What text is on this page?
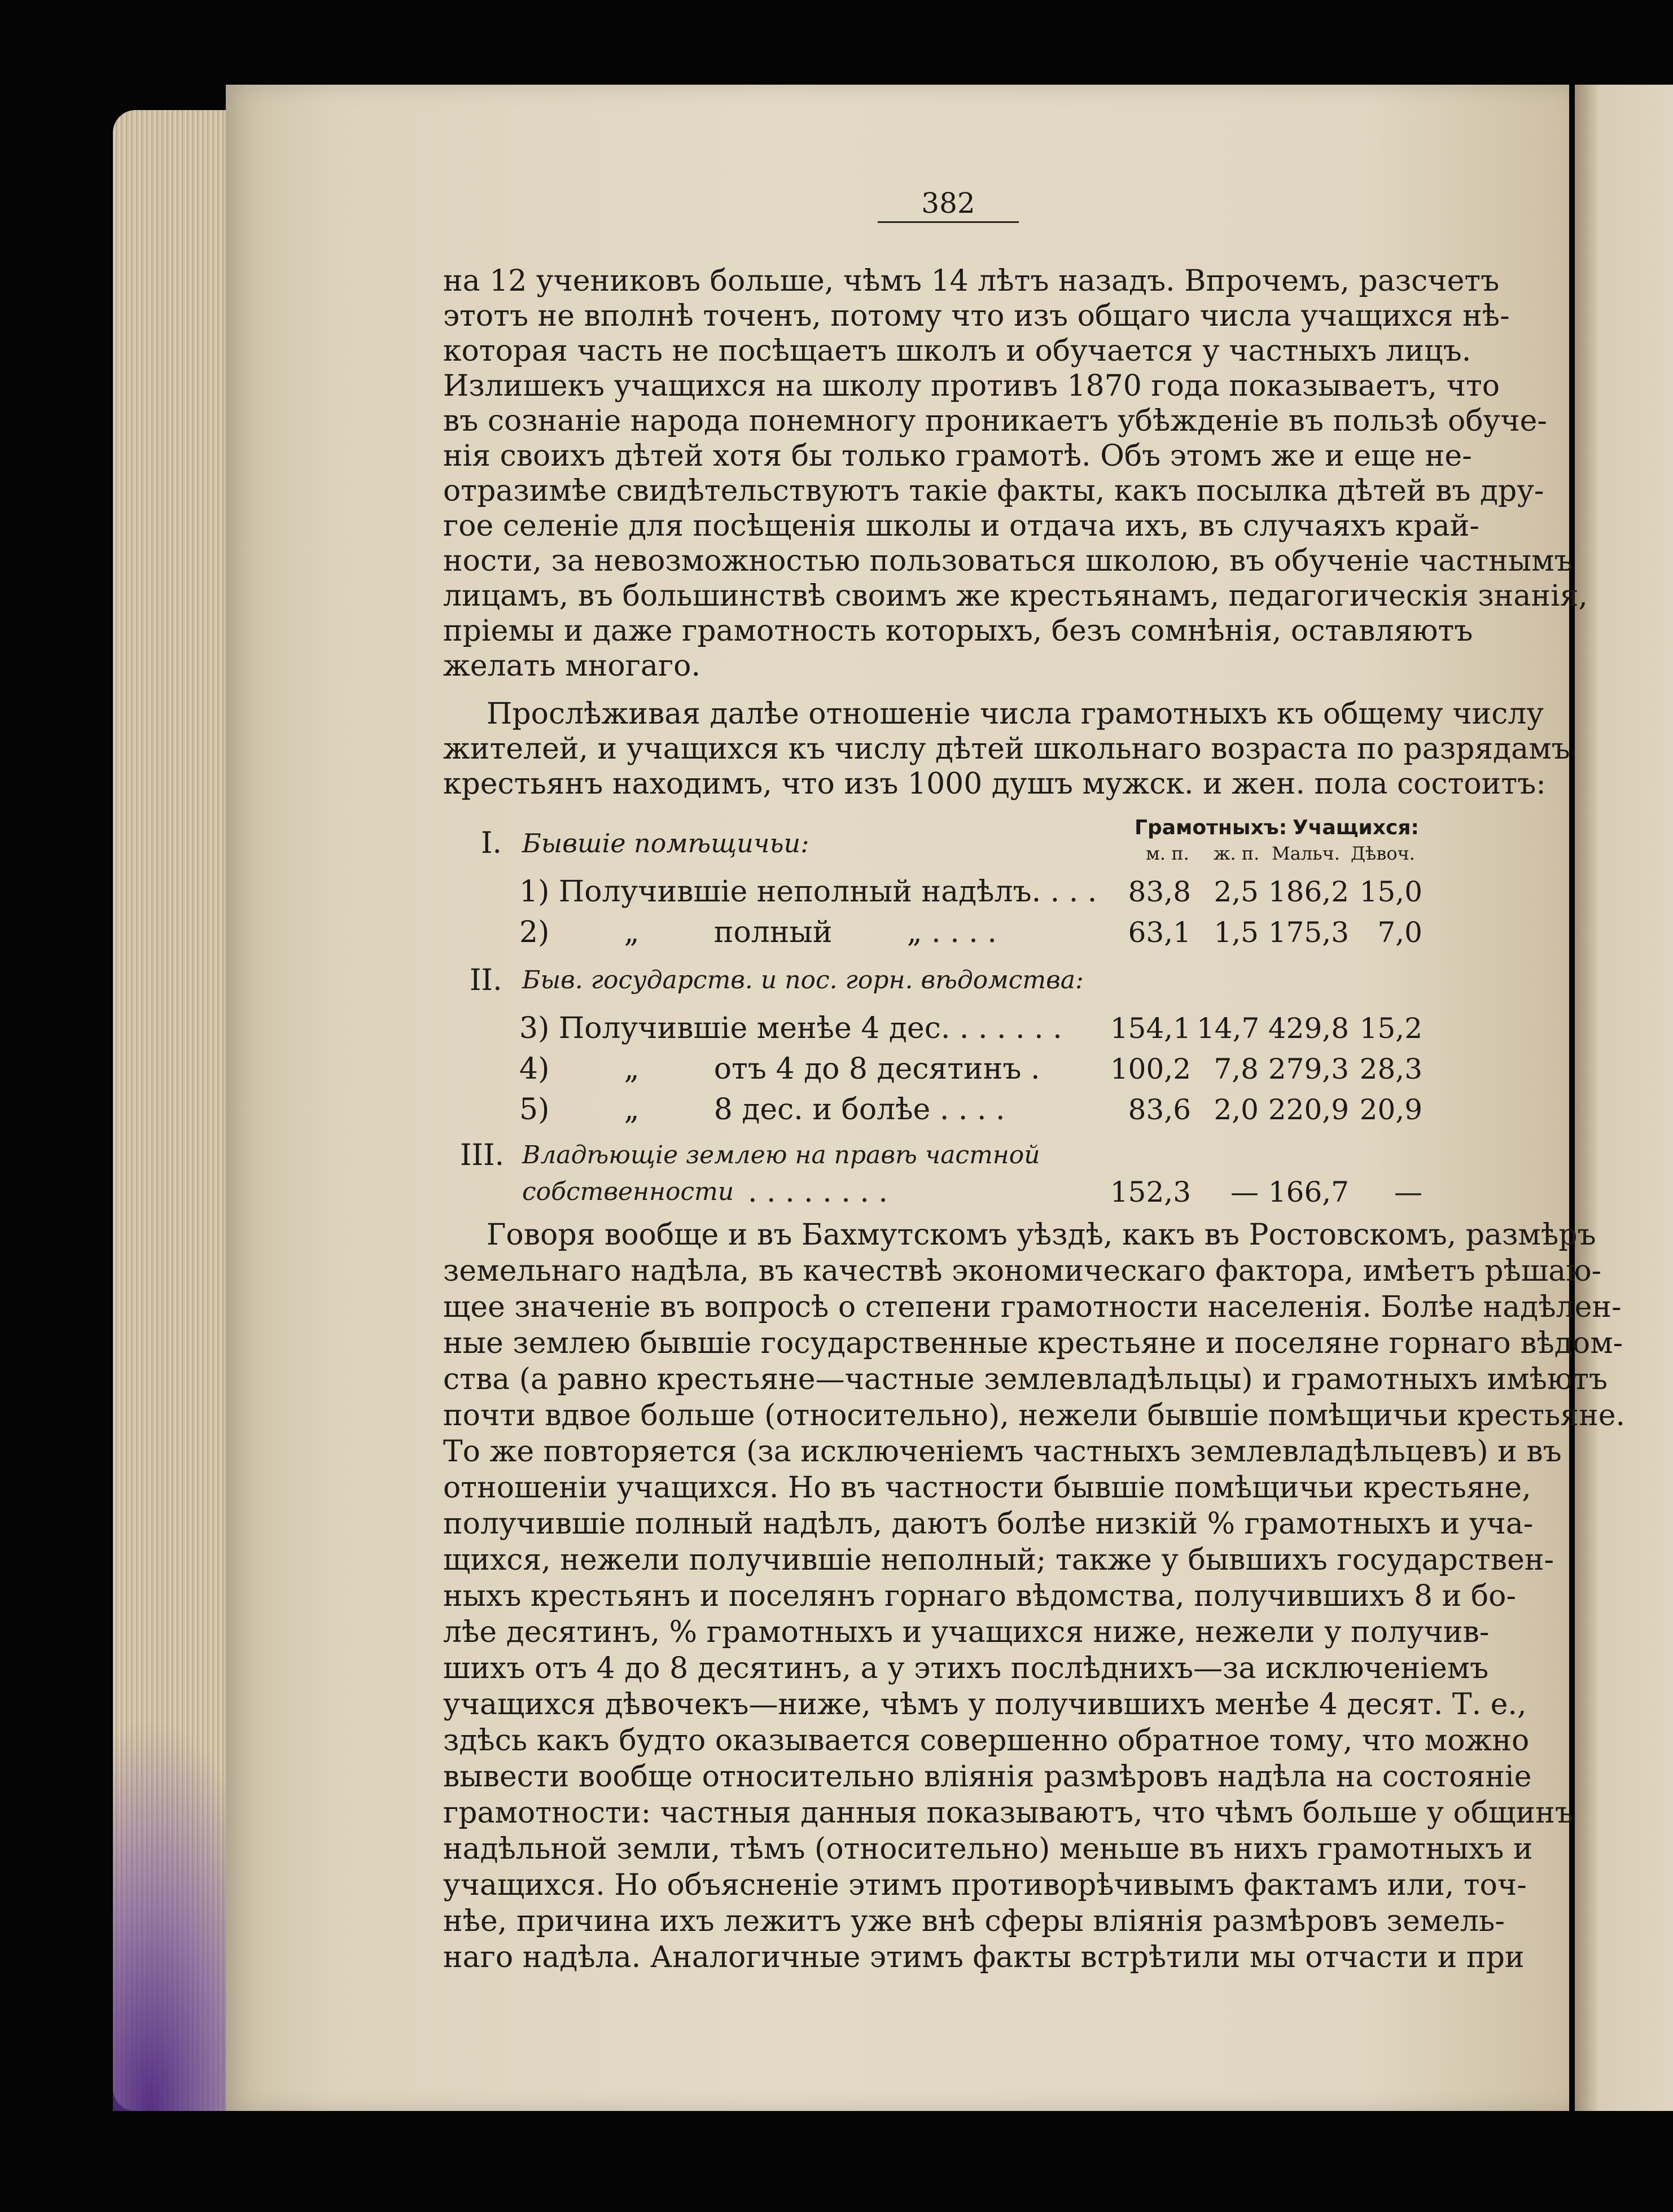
382
на 12 учениковъ больше, чѣмъ 14 лѣтъ назадъ. Впрочемъ, разсчетъ
этотъ не вполнѣ точенъ, потому что изъ общаго числа учащихся нѣ-
которая часть не посѣщаетъ школъ и обучается у частныхъ лицъ.
Излишекъ учащихся на школу противъ 1870 года показываетъ, что
въ сознаніе народа понемногу проникаетъ убѣжденіе въ пользѣ обуче-
нія своихъ дѣтей хотя бы только грамотѣ. Объ этомъ же и еще не-
отразимѣе свидѣтельствуютъ такіе факты, какъ посылка дѣтей въ дру-
гое селеніе для посѣщенія школы и отдача ихъ, въ случаяхъ край-
ности, за невозможностью пользоваться школою, въ обученіе частнымъ
лицамъ, въ большинствѣ своимъ же крестьянамъ, педагогическія знанія,
пріемы и даже грамотность которыхъ, безъ сомнѣнія, оставляютъ
желать многаго.
Прослѣживая далѣе отношеніе числа грамотныхъ къ общему числу
жителей, и учащихся къ числу дѣтей школьнаго возраста по разрядамъ
крестьянъ находимъ, что изъ 1000 душъ мужск. и жен. пола состоитъ:
Грамотныхъ: Учащихся:
м. п. ж. п. Мальч. Дѣвоч.
I. Бывшіе помѣщичьи:
1) Получившіе неполный надѣлъ. . . .	83,8 2,5 186,2 15,0
2)        „        полный        „ . . . .	63,1 1,5 175,3	7,0
II. Быв. государств. и пос. горн. вѣдомства:
3) Получившіе менѣе 4 дес. . . . . . . 154,1 14,7 429,8 15,2
4)        „        отъ 4 до 8 десятинъ . 100,2 7,8 279,3 28,3
5)        „        8 дес. и болѣе . . . .	83,6 2,0 220,9 20,9
III. Владѣющіе землею на правѣ частной
собственности . . . . . . . .	152,3	— 166,7	—
Говоря вообще и въ Бахмутскомъ уѣздѣ, какъ въ Ростовскомъ, размѣръ
земельнаго надѣла, въ качествѣ экономическаго фактора, имѣетъ рѣшаю-
щее значеніе въ вопросѣ о степени грамотности населенія. Болѣе надѣлен-
ные землею бывшіе государственные крестьяне и поселяне горнаго вѣдом-
ства (а равно крестьяне—частные землевладѣльцы) и грамотныхъ имѣютъ
почти вдвое больше (относительно), нежели бывшіе помѣщичьи крестьяне.
То же повторяется (за исключеніемъ частныхъ землевладѣльцевъ) и въ
отношеніи учащихся. Но въ частности бывшіе помѣщичьи крестьяне,
получившіе полный надѣлъ, даютъ болѣе низкій % грамотныхъ и уча-
щихся, нежели получившіе неполный; также у бывшихъ государствен-
ныхъ крестьянъ и поселянъ горнаго вѣдомства, получившихъ 8 и бо-
лѣе десятинъ, % грамотныхъ и учащихся ниже, нежели у получив-
шихъ отъ 4 до 8 десятинъ, а у этихъ послѣднихъ—за исключеніемъ
учащихся дѣвочекъ—ниже, чѣмъ у получившихъ менѣе 4 десят. Т. е.,
здѣсь какъ будто оказывается совершенно обратное тому, что можно
вывести вообще относительно вліянія размѣровъ надѣла на состояніе
грамотности: частныя данныя показываютъ, что чѣмъ больше у общинъ
надѣльной земли, тѣмъ (относительно) меньше въ нихъ грамотныхъ и
учащихся. Но объясненіе этимъ противорѣчивымъ фактамъ или, точ-
нѣе, причина ихъ лежитъ уже внѣ сферы вліянія размѣровъ земель-
наго надѣла. Аналогичные этимъ факты встрѣтили мы отчасти и при
